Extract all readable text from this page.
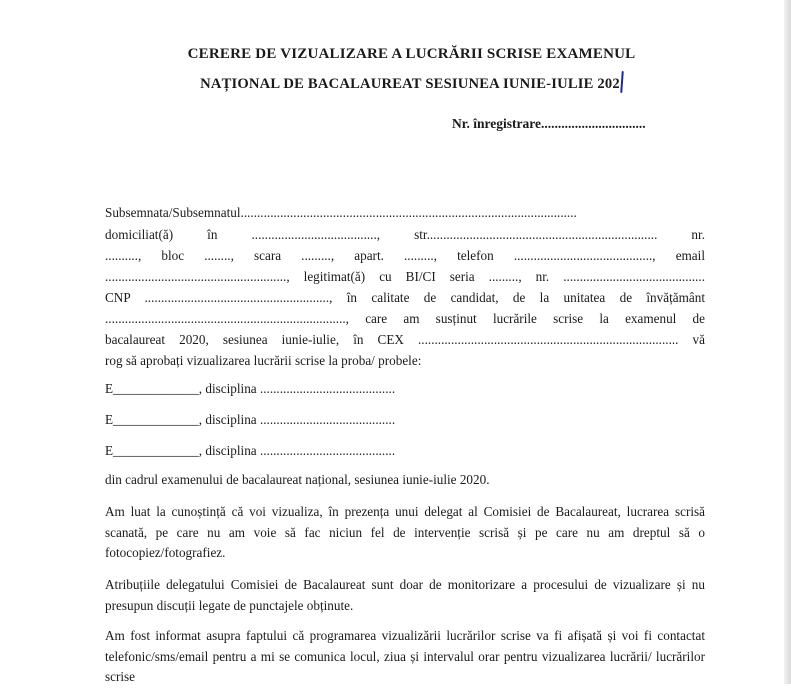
CERERE DE VIZUALIZARE A LUCRĂRII SCRISE EXAMENUL
NAȚIONAL DE BACALAUREAT SESIUNEA IUNIE-IULIE 202
Nr. înregistrare...............................
Subsemnata/Subsemnatul......................................................................................................
domiciliat(ă) în ......................................, str...................................................................... nr.
.........., bloc ........, scara ........., apart. ........., telefon .........................................., email
......................................................., legitimat(ă) cu BI/CI seria ........., nr. ...........................................
CNP ........................................................, în calitate de candidat, de la unitatea de învățământ
........................................................................., care am susținut lucrările scrise la examenul de
bacalaureat 2020, sesiunea iunie-iulie, în CEX ............................................................................... vă
rog să aprobați vizualizarea lucrării scrise la proba/ probele:
E_____________, disciplina .........................................
E_____________, disciplina .........................................
E_____________, disciplina .........................................
din cadrul examenului de bacalaureat național, sesiunea iunie-iulie 2020.
Am luat la cunoștință că voi vizualiza, în prezența unui delegat al Comisiei de Bacalaureat, lucrarea scrisă scanată, pe care nu am voie să fac niciun fel de intervenție scrisă și pe care nu am dreptul să o fotocopiez/fotografiez.
Atribuțiile delegatului Comisiei de Bacalaureat sunt doar de monitorizare a procesului de vizualizare și nu presupun discuții legate de punctajele obținute.
Am fost informat asupra faptului că programarea vizualizării lucrărilor scrise va fi afișată și voi fi contactat telefonic/sms/email pentru a mi se comunica locul, ziua și intervalul orar pentru vizualizarea lucrării/ lucrărilor scrise
